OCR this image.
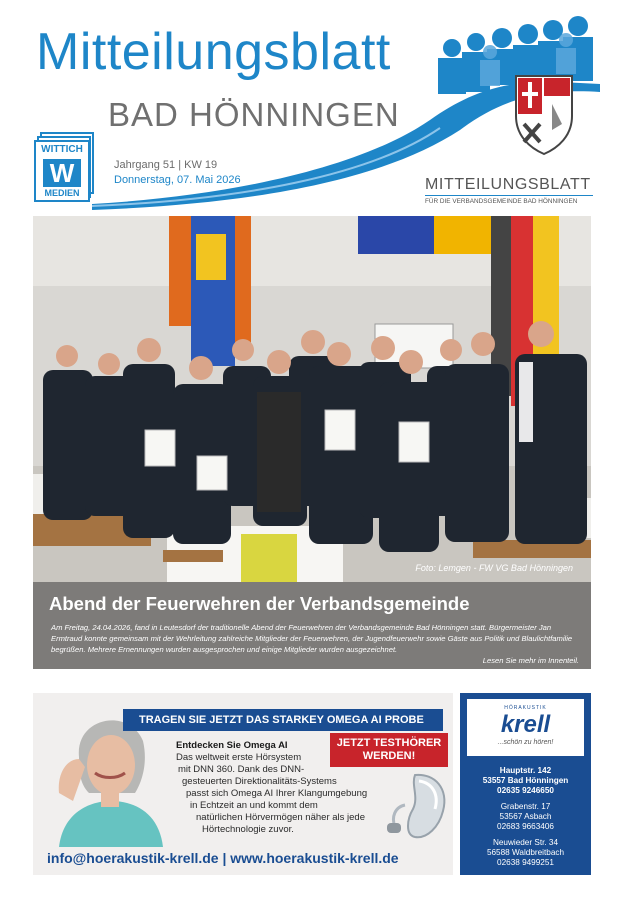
Mitteilungsblatt
BAD HÖNNINGEN
WITTICH
W
MEDIEN
Jahrgang 51 | KW 19
Donnerstag, 07. Mai 2026	MITTEILUNGSBLATT
FÜR DIE VERBANDSGEMEINDE BAD HÖNNINGEN
Foto: Lemgen - FW VG Bad Hönningen
Abend der Feuerwehren der Verbandsgemeinde
Am Freitag, 24.04.2026, fand in Leutesdorf der traditionelle Abend der Feuerwehren der Verbandsgemeinde Bad Hönningen statt. Bürgermeister Jan Ermtraud konnte gemeinsam mit der Wehrleitung zahlreiche Mitglieder der Feuerwehren, der Jugendfeuerwehr sowie Gäste aus Politik und Blaulichtfamilie begrüßen. Mehrere Ernennungen wurden ausgesprochen und einige Mitglieder wurden ausgezeichnet.
Lesen Sie mehr im Innenteil.
TRAGEN SIE JETZT DAS STARKEY OMEGA AI PROBE
JETZT TESTHÖRER
WERDEN!
Entdecken Sie Omega AI
Das weltweit erste Hörsystem
mit DNN 360. Dank des DNN-
gesteuerten Direktionalitäts-Systems
passt sich Omega AI Ihrer Klangumgebung
in Echtzeit an und kommt dem
natürlichen Hörvermögen näher als jede
Hörtechnologie zuvor.
info@hoerakustik-krell.de | www.hoerakustik-krell.de
HÖRAKUSTIK
krell
...schön zu hören!
Hauptstr. 142
53557 Bad Hönningen
02635 9246650
Grabenstr. 17
53567 Asbach
02683 9663406
Neuwieder Str. 34
56588 Waldbreitbach
02638 9499251
